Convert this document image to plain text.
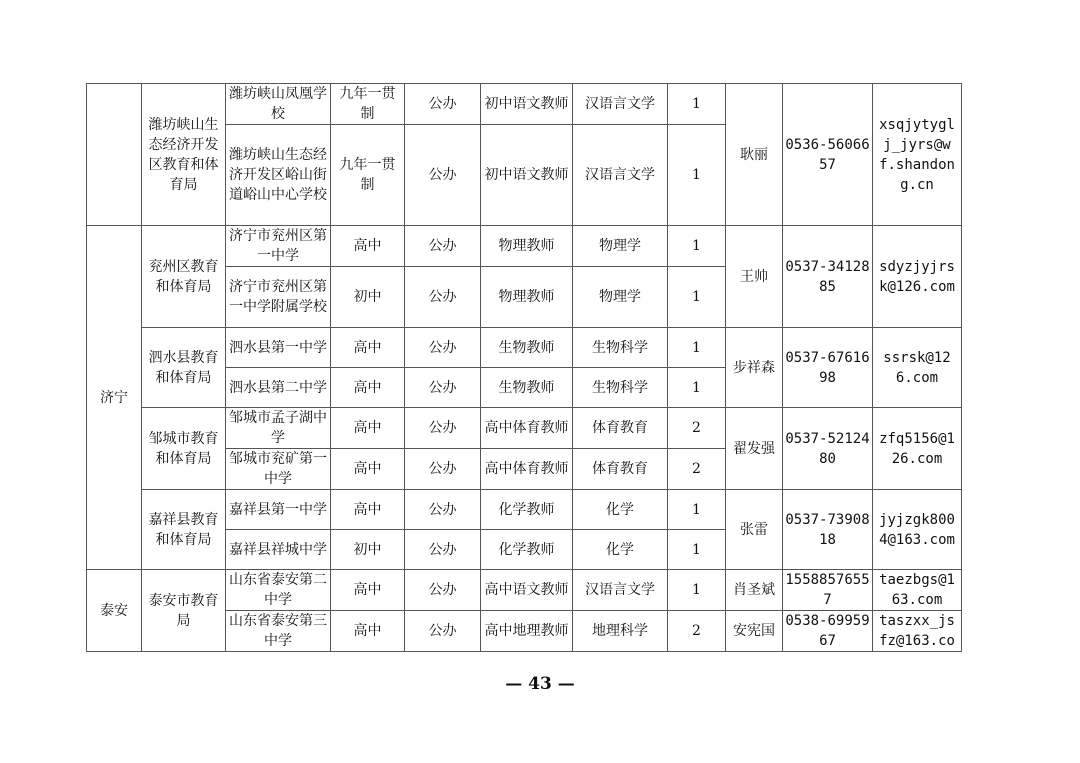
	潍坊峡山生态经济开发区教育和体育局	潍坊峡山凤凰学校	九年一贯制	公办	初中语文教师	汉语言文学	1	耿丽	0536-5606657	xsqjytyglj_jyrs@wf.shandong.cn
		潍坊峡山生态经济开发区峪山街道峪山中心学校	九年一贯制	公办	初中语文教师	汉语言文学	1			
济宁	兖州区教育和体育局	济宁市兖州区第一中学	高中	公办	物理教师	物理学	1	王帅	0537-3412885	sdyzjyjrsk@126.com
		济宁市兖州区第一中学附属学校	初中	公办	物理教师	物理学	1			
	泗水县教育和体育局	泗水县第一中学	高中	公办	生物教师	生物科学	1	步祥森	0537-6761698	ssrsk@126.com
		泗水县第二中学	高中	公办	生物教师	生物科学	1			
	邹城市教育和体育局	邹城市孟子湖中学	高中	公办	高中体育教师	体育教育	2	翟发强	0537-5212480	zfq5156@126.com
		邹城市兖矿第一中学	高中	公办	高中体育教师	体育教育	2			
	嘉祥县教育和体育局	嘉祥县第一中学	高中	公办	化学教师	化学	1	张雷	0537-7390818	jyjzgk8004@163.com
		嘉祥县祥城中学	初中	公办	化学教师	化学	1			
泰安	泰安市教育局	山东省泰安第二中学	高中	公办	高中语文教师	汉语言文学	1	肖圣斌	15588576557	taezbgs@163.com
		山东省泰安第三中学	高中	公办	高中地理教师	地理科学	2	安宪国	0538-6995967	taszxx_jsfz@163.co
— 43 —
